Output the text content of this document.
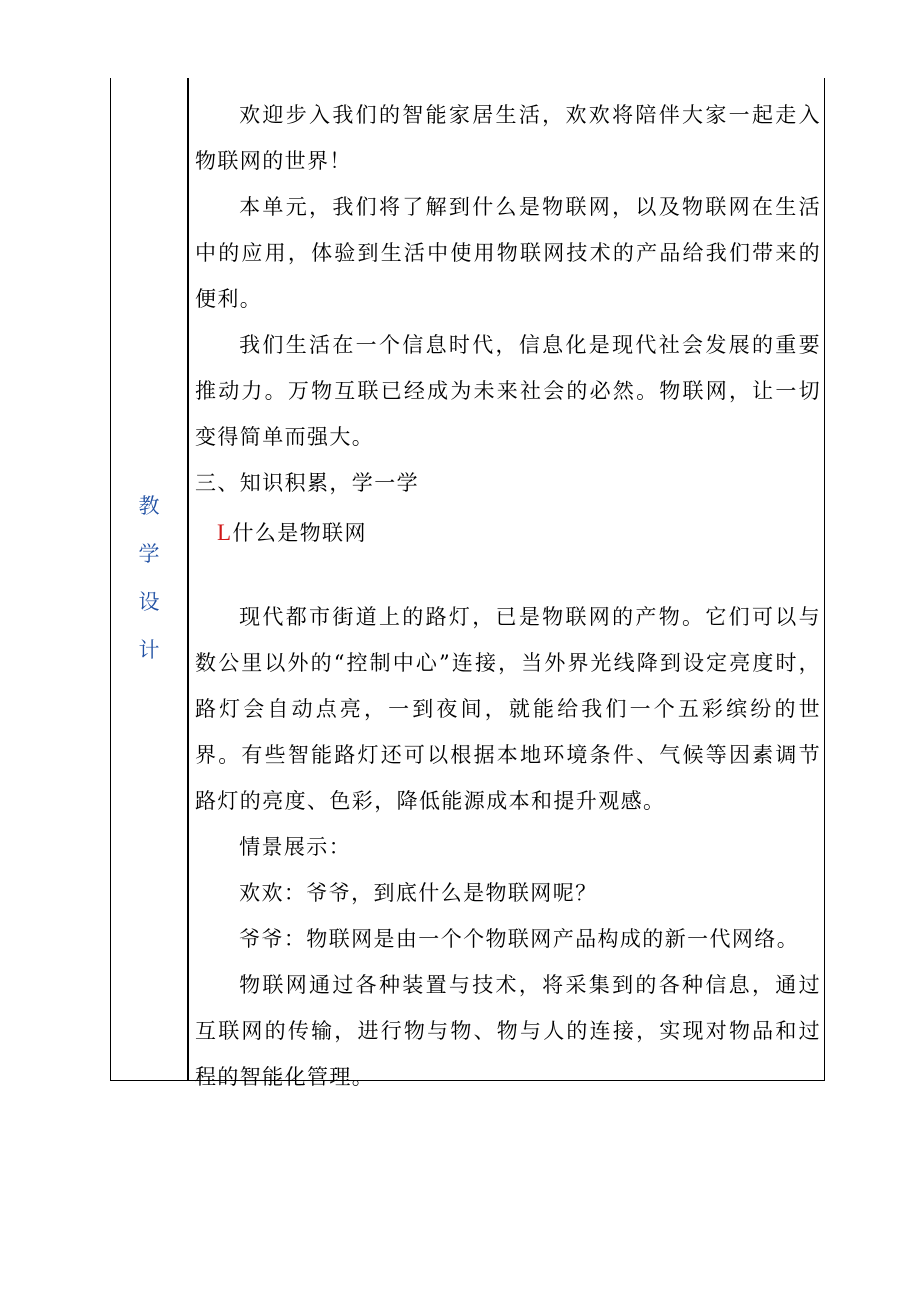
教
学
设
计

欢迎步入我们的智能家居生活，欢欢将陪伴大家一起走入物联网的世界！

本单元，我们将了解到什么是物联网，以及物联网在生活中的应用，体验到生活中使用物联网技术的产品给我们带来的便利。

我们生活在一个信息时代，信息化是现代社会发展的重要推动力。万物互联已经成为未来社会的必然。物联网，让一切变得简单而强大。

三、知识积累，学一学

L什么是物联网

现代都市街道上的路灯，已是物联网的产物。它们可以与数公里以外的“控制中心”连接，当外界光线降到设定亮度时，路灯会自动点亮，一到夜间，就能给我们一个五彩缤纷的世界。有些智能路灯还可以根据本地环境条件、气候等因素调节路灯的亮度、色彩，降低能源成本和提升观感。

情景展示：

欢欢：爷爷，到底什么是物联网呢？

爷爷：物联网是由一个个物联网产品构成的新一代网络。

物联网通过各种装置与技术，将采集到的各种信息，通过互联网的传输，进行物与物、物与人的连接，实现对物品和过程的智能化管理。
